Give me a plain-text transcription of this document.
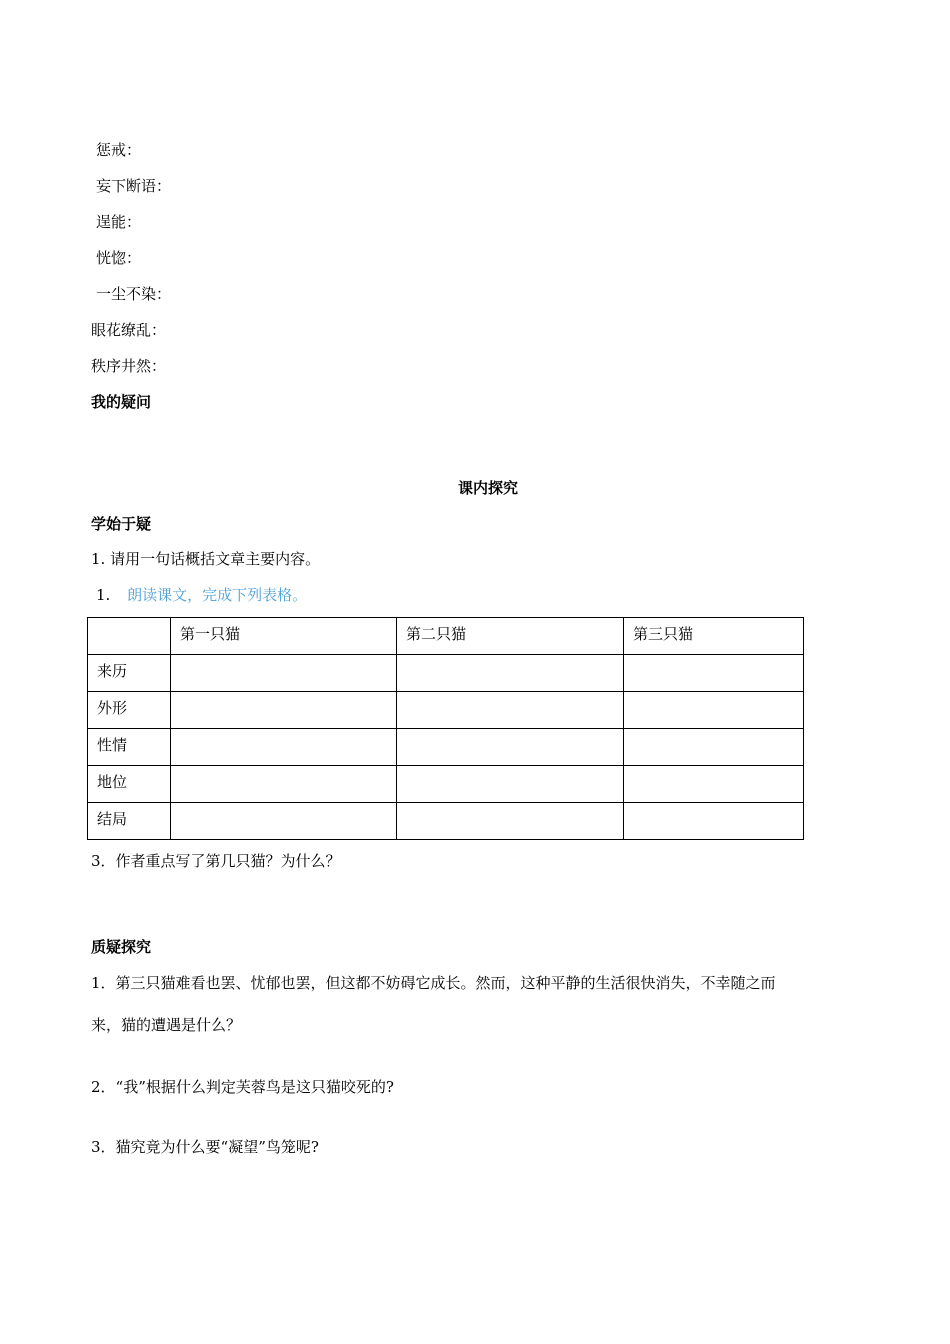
惩戒：
妄下断语：
逞能：
恍惚：
一尘不染：
眼花缭乱：
秩序井然：
我的疑问
课内探究
学始于疑
1. 请用一句话概括文章主要内容。
1. 朗读课文，完成下列表格。
	第一只猫	第二只猫	第三只猫
来历			
外形			
性情			
地位			
结局			
3．作者重点写了第几只猫？为什么？
质疑探究
1．第三只猫难看也罢、忧郁也罢，但这都不妨碍它成长。然而，这种平静的生活很快消失，不幸随之而
来，猫的遭遇是什么？
2．“我”根据什么判定芙蓉鸟是这只猫咬死的?
3．猫究竟为什么要“凝望”鸟笼呢?
